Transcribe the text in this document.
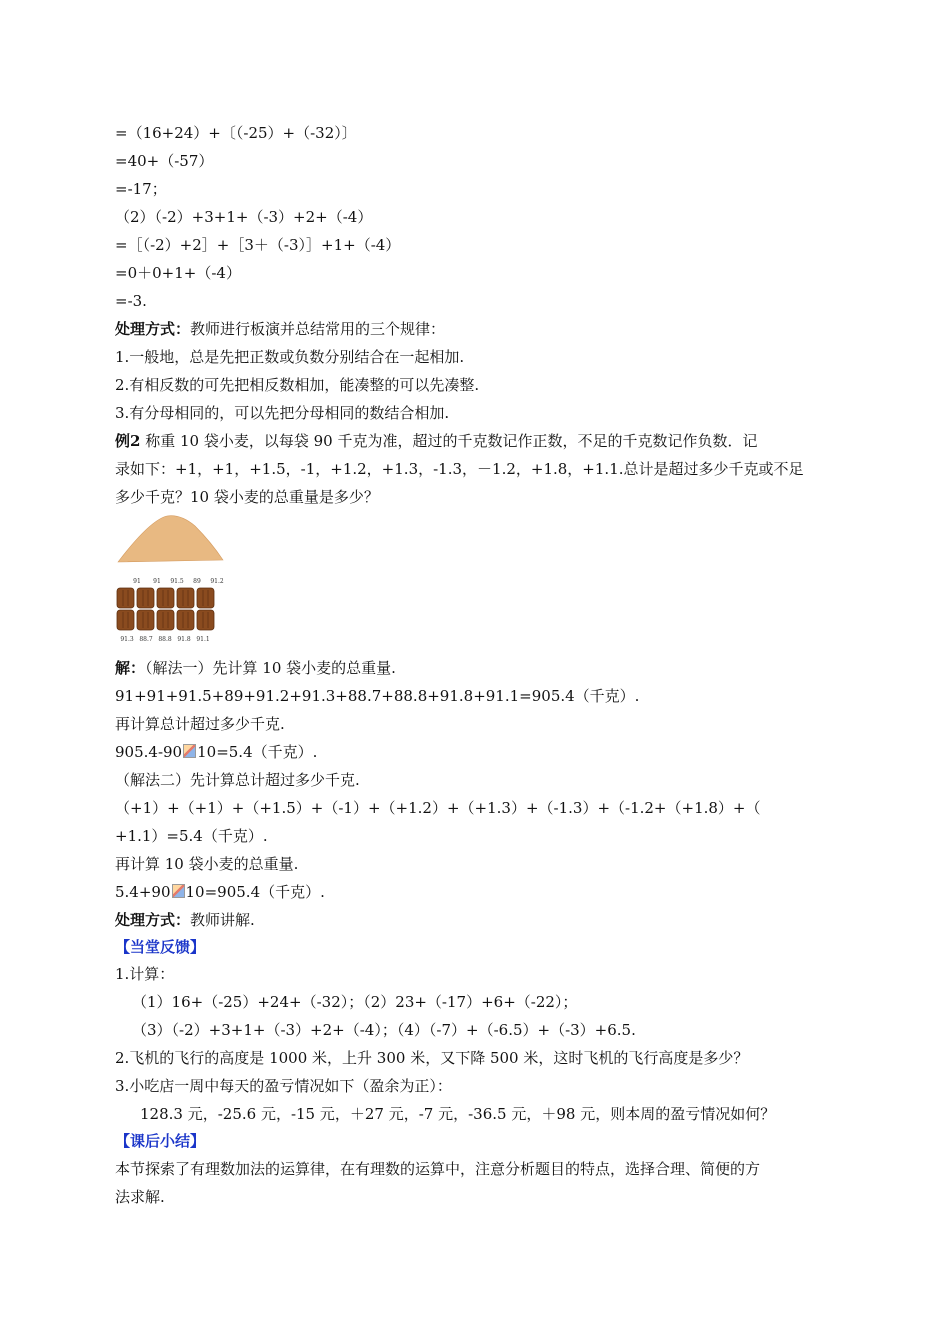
=（16+24）+〔（-25）+（-32）〕
=40+（-57）
=-17；
（2）（-2）+3+1+（-3）+2+（-4）
=［（-2）+2］+［3＋（-3）］+1+（-4）
=0＋0+1+（-4）
=-3.
处理方式：教师进行板演并总结常用的三个规律：
1.一般地，总是先把正数或负数分别结合在一起相加.
2.有相反数的可先把相反数相加，能凑整的可以先凑整.
3.有分母相同的，可以先把分母相同的数结合相加.
例2 称重 10 袋小麦，以每袋 90 千克为准，超过的千克数记作正数，不足的千克数记作负数．记
录如下：+1，+1，+1.5，-1，+1.2，+1.3，-1.3，－1.2，+1.8，+1.1.总计是超过多少千克或不足
多少千克？10 袋小麦的总重量是多少？
91 91 91.5 89 91.2
91.3 88.7 88.8 91.8 91.1
解：（解法一）先计算 10 袋小麦的总重量.
91+91+91.5+89+91.2+91.3+88.7+88.8+91.8+91.1=905.4（千克）.
再计算总计超过多少千克.
905.4-90 10=5.4（千克）.
（解法二）先计算总计超过多少千克.
（+1）+（+1）+（+1.5）+（-1）+（+1.2）+（+1.3）+（-1.3）+（-1.2+（+1.8）+（
+1.1）=5.4（千克）.
再计算 10 袋小麦的总重量.
5.4+90 10=905.4（千克）.
处理方式：教师讲解.
【当堂反馈】
1.计算：
（1）16+（-25）+24+（-32）；（2）23+（-17）+6+（-22）；
（3）（-2）+3+1+（-3）+2+（-4）；（4）（-7）+（-6.5）+（-3）+6.5.
2.飞机的飞行的高度是 1000 米，上升 300 米，又下降 500 米，这时飞机的飞行高度是多少？
3.小吃店一周中每天的盈亏情况如下（盈余为正）：
128.3 元，-25.6 元，-15 元，＋27 元，-7 元，-36.5 元，＋98 元，则本周的盈亏情况如何？
【课后小结】
本节探索了有理数加法的运算律，在有理数的运算中，注意分析题目的特点，选择合理、简便的方
法求解.
